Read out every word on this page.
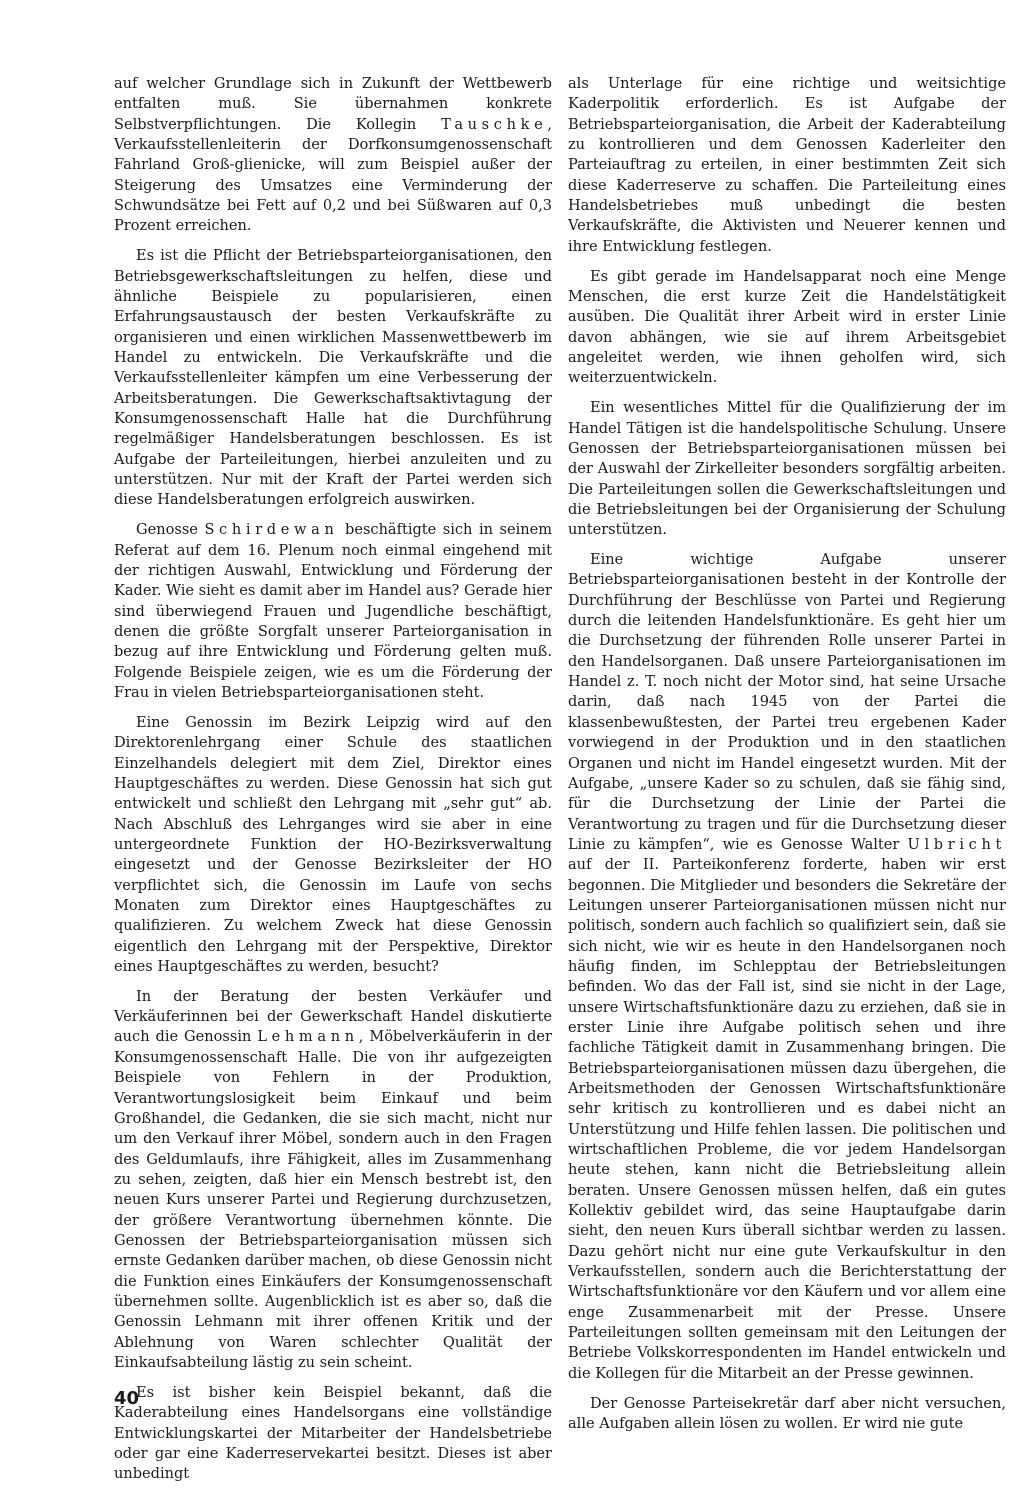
auf welcher Grundlage sich in Zukunft der Wettbewerb entfalten muß. Sie übernahmen konkrete Selbstverpflichtungen. Die Kollegin Tauschke, Verkaufsstellenleiterin der Dorfkonsumgenossenschaft Fahrland Groß-glienicke, will zum Beispiel außer der Steigerung des Umsatzes eine Verminderung der Schwundsätze bei Fett auf 0,2 und bei Süßwaren auf 0,3 Prozent erreichen.

Es ist die Pflicht der Betriebsparteiorganisationen, den Betriebsgewerkschaftsleitungen zu helfen, diese und ähnliche Beispiele zu popularisieren, einen Erfahrungsaustausch der besten Verkaufskräfte zu organisieren und einen wirklichen Massenwettbewerb im Handel zu entwickeln. Die Verkaufskräfte und die Verkaufsstellenleiter kämpfen um eine Verbesserung der Arbeitsberatungen. Die Gewerkschaftsaktivtagung der Konsumgenossenschaft Halle hat die Durchführung regelmäßiger Handelsberatungen beschlossen. Es ist Aufgabe der Parteileitungen, hierbei anzuleiten und zu unterstützen. Nur mit der Kraft der Partei werden sich diese Handelsberatungen erfolgreich auswirken.

Genosse Schirdewan beschäftigte sich in seinem Referat auf dem 16. Plenum noch einmal eingehend mit der richtigen Auswahl, Entwicklung und Förderung der Kader. Wie sieht es damit aber im Handel aus? Gerade hier sind überwiegend Frauen und Jugendliche beschäftigt, denen die größte Sorgfalt unserer Parteiorganisation in bezug auf ihre Entwicklung und Förderung gelten muß. Folgende Beispiele zeigen, wie es um die Förderung der Frau in vielen Betriebsparteiorganisationen steht.

Eine Genossin im Bezirk Leipzig wird auf den Direktorenlehrgang einer Schule des staatlichen Einzelhandels delegiert mit dem Ziel, Direktor eines Hauptgeschäftes zu werden. Diese Genossin hat sich gut entwickelt und schließt den Lehrgang mit „sehr gut“ ab. Nach Abschluß des Lehrganges wird sie aber in eine untergeordnete Funktion der HO-Bezirksverwaltung eingesetzt und der Genosse Bezirksleiter der HO verpflichtet sich, die Genossin im Laufe von sechs Monaten zum Direktor eines Hauptgeschäftes zu qualifizieren. Zu welchem Zweck hat diese Genossin eigentlich den Lehrgang mit der Perspektive, Direktor eines Hauptgeschäftes zu werden, besucht?

In der Beratung der besten Verkäufer und Verkäuferinnen bei der Gewerkschaft Handel diskutierte auch die Genossin Lehmann, Möbelverkäuferin in der Konsumgenossenschaft Halle. Die von ihr aufgezeigten Beispiele von Fehlern in der Produktion, Verantwortungslosigkeit beim Einkauf und beim Großhandel, die Gedanken, die sie sich macht, nicht nur um den Verkauf ihrer Möbel, sondern auch in den Fragen des Geldumlaufs, ihre Fähigkeit, alles im Zusammenhang zu sehen, zeigten, daß hier ein Mensch bestrebt ist, den neuen Kurs unserer Partei und Regierung durchzusetzen, der größere Verantwortung übernehmen könnte. Die Genossen der Betriebsparteiorganisation müssen sich ernste Gedanken darüber machen, ob diese Genossin nicht die Funktion eines Einkäufers der Konsumgenossenschaft übernehmen sollte. Augenblicklich ist es aber so, daß die Genossin Lehmann mit ihrer offenen Kritik und der Ablehnung von Waren schlechter Qualität der Einkaufsabteilung lästig zu sein scheint.

Es ist bisher kein Beispiel bekannt, daß die Kaderabteilung eines Handelsorgans eine vollständige Entwicklungskartei der Mitarbeiter der Handelsbetriebe oder gar eine Kaderreservekartei besitzt. Dieses ist aber unbedingt

als Unterlage für eine richtige und weitsichtige Kaderpolitik erforderlich. Es ist Aufgabe der Betriebsparteiorganisation, die Arbeit der Kaderabteilung zu kontrollieren und dem Genossen Kaderleiter den Parteiauftrag zu erteilen, in einer bestimmten Zeit sich diese Kaderreserve zu schaffen. Die Parteileitung eines Handelsbetriebes muß unbedingt die besten Verkaufskräfte, die Aktivisten und Neuerer kennen und ihre Entwicklung festlegen.

Es gibt gerade im Handelsapparat noch eine Menge Menschen, die erst kurze Zeit die Handelstätigkeit ausüben. Die Qualität ihrer Arbeit wird in erster Linie davon abhängen, wie sie auf ihrem Arbeitsgebiet angeleitet werden, wie ihnen geholfen wird, sich weiterzuentwickeln.

Ein wesentliches Mittel für die Qualifizierung der im Handel Tätigen ist die handelspolitische Schulung. Unsere Genossen der Betriebsparteiorganisationen müssen bei der Auswahl der Zirkelleiter besonders sorgfältig arbeiten. Die Parteileitungen sollen die Gewerkschaftsleitungen und die Betriebsleitungen bei der Organisierung der Schulung unterstützen.

Eine wichtige Aufgabe unserer Betriebsparteiorganisationen besteht in der Kontrolle der Durchführung der Beschlüsse von Partei und Regierung durch die leitenden Handelsfunktionäre. Es geht hier um die Durchsetzung der führenden Rolle unserer Partei in den Handelsorganen. Daß unsere Parteiorganisationen im Handel z. T. noch nicht der Motor sind, hat seine Ursache darin, daß nach 1945 von der Partei die klassenbewußtesten, der Partei treu ergebenen Kader vorwiegend in der Produktion und in den staatlichen Organen und nicht im Handel eingesetzt wurden. Mit der Aufgabe, „unsere Kader so zu schulen, daß sie fähig sind, für die Durchsetzung der Linie der Partei die Verantwortung zu tragen und für die Durchsetzung dieser Linie zu kämpfen“, wie es Genosse Walter Ulbricht auf der II. Parteikonferenz forderte, haben wir erst begonnen. Die Mitglieder und besonders die Sekretäre der Leitungen unserer Parteiorganisationen müssen nicht nur politisch, sondern auch fachlich so qualifiziert sein, daß sie sich nicht, wie wir es heute in den Handelsorganen noch häufig finden, im Schlepptau der Betriebsleitungen befinden. Wo das der Fall ist, sind sie nicht in der Lage, unsere Wirtschaftsfunktionäre dazu zu erziehen, daß sie in erster Linie ihre Aufgabe politisch sehen und ihre fachliche Tätigkeit damit in Zusammenhang bringen. Die Betriebsparteiorganisationen müssen dazu übergehen, die Arbeitsmethoden der Genossen Wirtschaftsfunktionäre sehr kritisch zu kontrollieren und es dabei nicht an Unterstützung und Hilfe fehlen lassen. Die politischen und wirtschaftlichen Probleme, die vor jedem Handelsorgan heute stehen, kann nicht die Betriebsleitung allein beraten. Unsere Genossen müssen helfen, daß ein gutes Kollektiv gebildet wird, das seine Hauptaufgabe darin sieht, den neuen Kurs überall sichtbar werden zu lassen. Dazu gehört nicht nur eine gute Verkaufskultur in den Verkaufsstellen, sondern auch die Berichterstattung der Wirtschaftsfunktionäre vor den Käufern und vor allem eine enge Zusammenarbeit mit der Presse. Unsere Parteileitungen sollten gemeinsam mit den Leitungen der Betriebe Volkskorrespondenten im Handel entwickeln und die Kollegen für die Mitarbeit an der Presse gewinnen.

Der Genosse Parteisekretär darf aber nicht versuchen, alle Aufgaben allein lösen zu wollen. Er wird nie gute

40
